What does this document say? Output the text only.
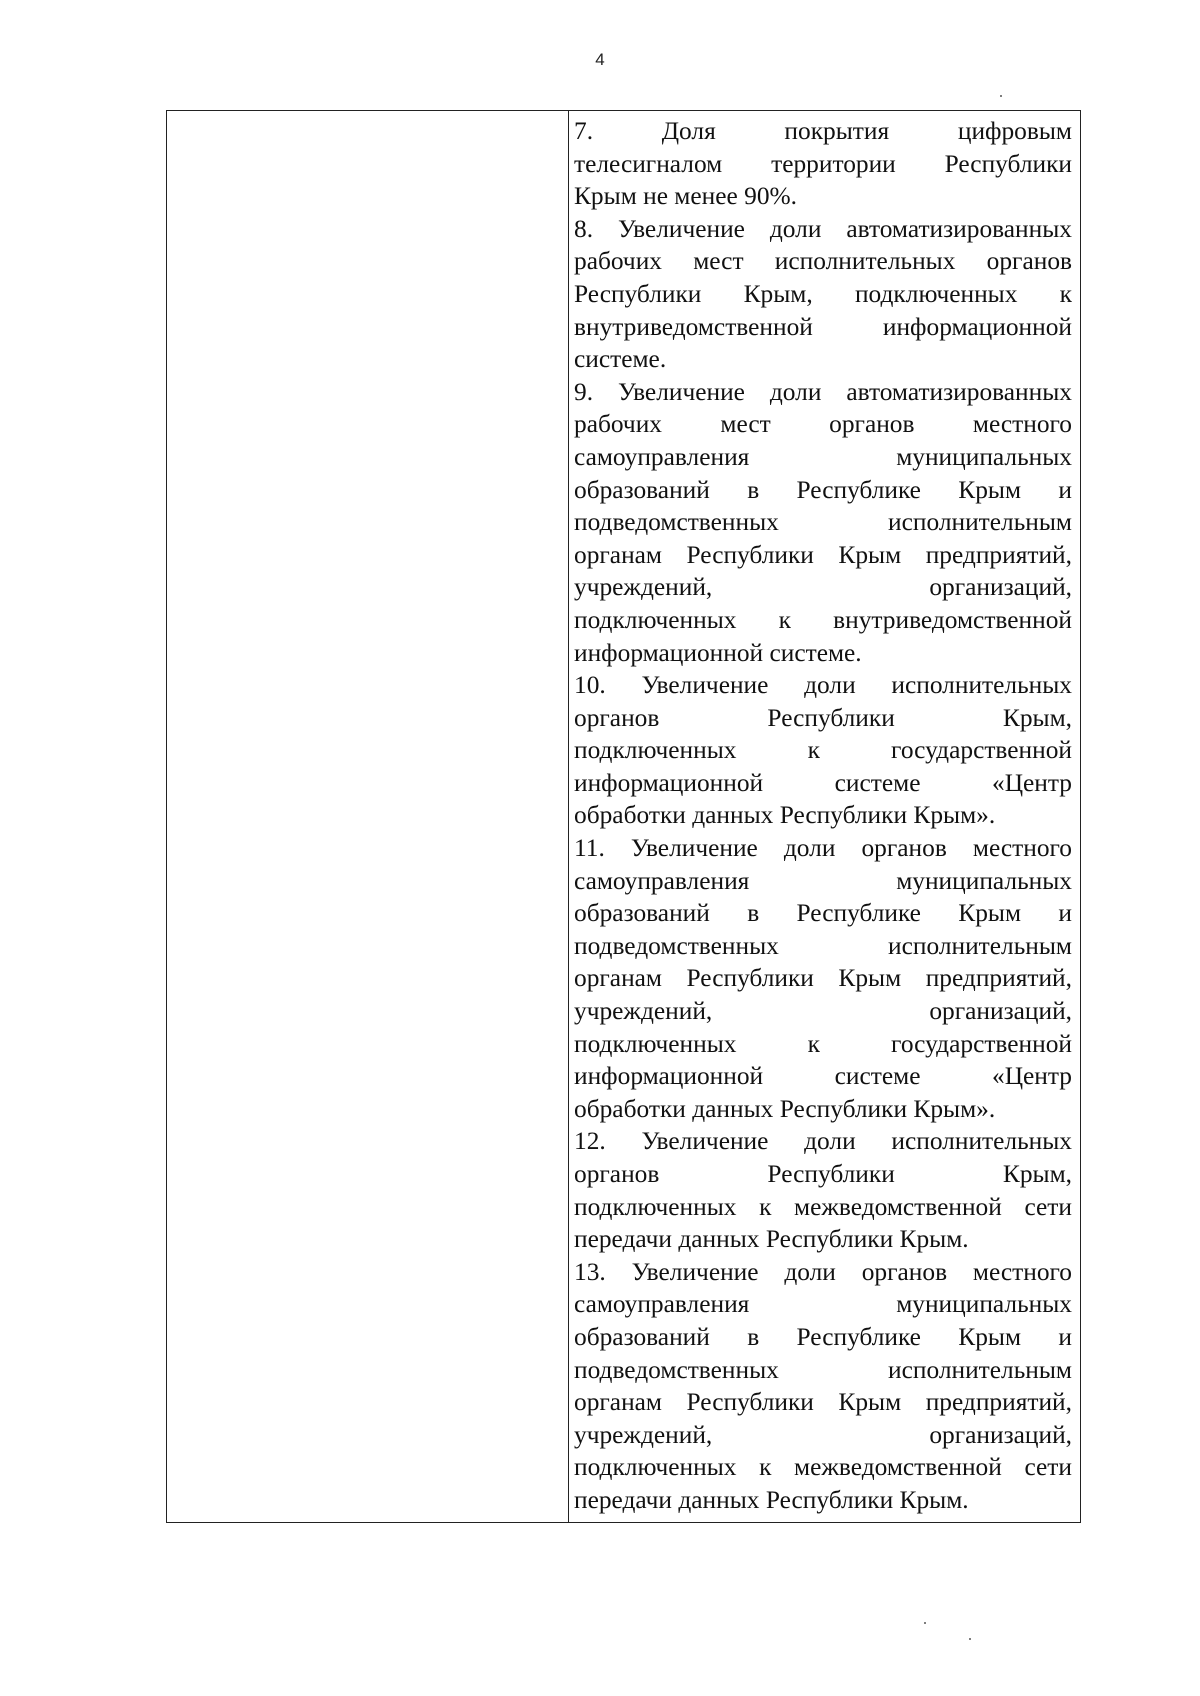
4
7. Доля покрытия цифровым
телесигналом территории Республики
Крым не менее 90%.
8. Увеличение доли автоматизированных
рабочих мест исполнительных органов
Республики Крым, подключенных к
внутриведомственной информационной
системе.
9. Увеличение доли автоматизированных
рабочих мест органов местного
самоуправления муниципальных
образований в Республике Крым и
подведомственных исполнительным
органам Республики Крым предприятий,
учреждений, организаций,
подключенных к внутриведомственной
информационной системе.
10. Увеличение доли исполнительных
органов Республики Крым,
подключенных к государственной
информационной системе «Центр
обработки данных Республики Крым».
11. Увеличение доли органов местного
самоуправления муниципальных
образований в Республике Крым и
подведомственных исполнительным
органам Республики Крым предприятий,
учреждений, организаций,
подключенных к государственной
информационной системе «Центр
обработки данных Республики Крым».
12. Увеличение доли исполнительных
органов Республики Крым,
подключенных к межведомственной сети
передачи данных Республики Крым.
13. Увеличение доли органов местного
самоуправления муниципальных
образований в Республике Крым и
подведомственных исполнительным
органам Республики Крым предприятий,
учреждений, организаций,
подключенных к межведомственной сети
передачи данных Республики Крым.
